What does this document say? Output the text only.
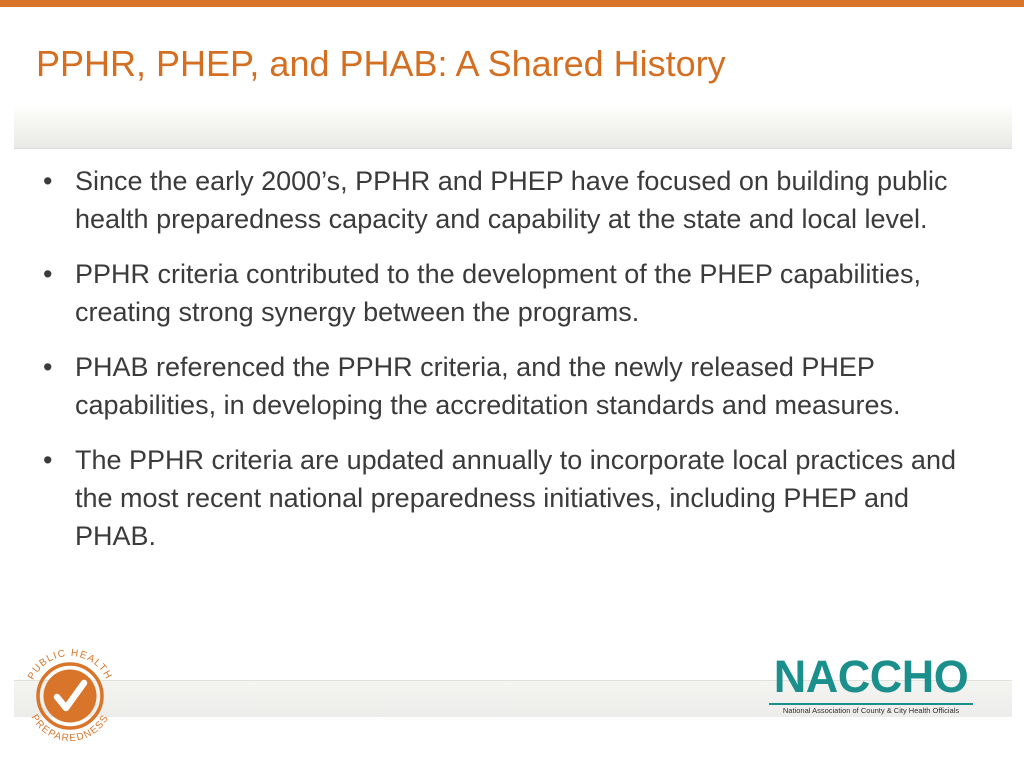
PPHR, PHEP, and PHAB: A Shared History
• Since the early 2000’s, PPHR and PHEP have focused on building public health preparedness capacity and capability at the state and local level.
• PPHR criteria contributed to the development of the PHEP capabilities, creating strong synergy between the programs.
• PHAB referenced the PPHR criteria, and the newly released PHEP capabilities, in developing the accreditation standards and measures.
• The PPHR criteria are updated annually to incorporate local practices and the most recent national preparedness initiatives, including PHEP and PHAB.
PUBLIC HEALTH
PREPAREDNESS
NACCHO
National Association of County & City Health Officials
